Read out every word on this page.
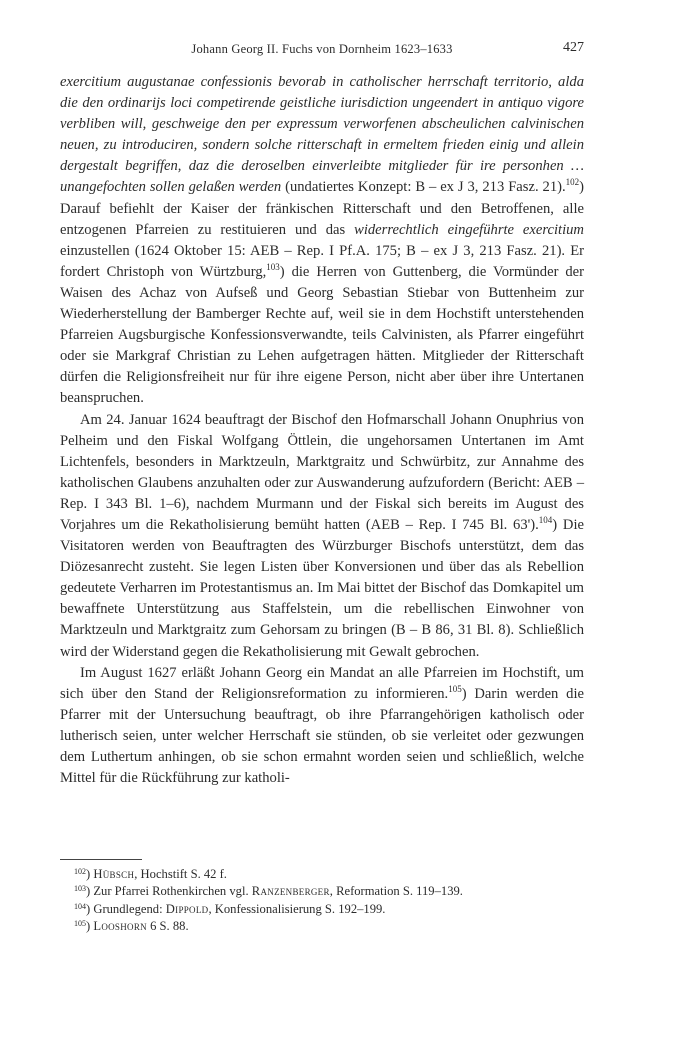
Johann Georg II. Fuchs von Dornheim 1623–1633	427

exercitium augustanae confessionis bevorab in catholischer herrschaft territorio, alda die den ordinarijs loci competirende geistliche iurisdiction ungeendert in antiquo vigore verbliben will, geschweige den per expressum verworfenen abscheulichen calvinischen neuen, zu introduciren, sondern solche ritterschaft in ermeltem frieden einig und allein dergestalt begriffen, daz die deroselben einverleibte mitglieder für ire personhen … unangefochten sollen gelaßen werden (undatiertes Konzept: B – ex J 3, 213 Fasz. 21).$^{102}$) Darauf befiehlt der Kaiser der fränkischen Ritterschaft und den Betroffenen, alle entzogenen Pfarreien zu restituieren und das widerrechtlich eingeführte exercitium einzustellen (1624 Oktober 15: AEB – Rep. I Pf.A. 175; B – ex J 3, 213 Fasz. 21). Er fordert Christoph von Würtzburg,$^{103}$) die Herren von Guttenberg, die Vormünder der Waisen des Achaz von Aufseß und Georg Sebastian Stiebar von Buttenheim zur Wiederherstellung der Bamberger Rechte auf, weil sie in dem Hochstift unterstehenden Pfarreien Augsburgische Konfessionsverwandte, teils Calvinisten, als Pfarrer eingeführt oder sie Markgraf Christian zu Lehen aufgetragen hätten. Mitglieder der Ritterschaft dürfen die Religionsfreiheit nur für ihre eigene Person, nicht aber über ihre Untertanen beanspruchen.

Am 24. Januar 1624 beauftragt der Bischof den Hofmarschall Johann Onuphrius von Pelheim und den Fiskal Wolfgang Öttlein, die ungehorsamen Untertanen im Amt Lichtenfels, besonders in Marktzeuln, Marktgraitz und Schwürbitz, zur Annahme des katholischen Glaubens anzuhalten oder zur Auswanderung aufzufordern (Bericht: AEB – Rep. I 343 Bl. 1–6), nachdem Murmann und der Fiskal sich bereits im August des Vorjahres um die Rekatholisierung bemüht hatten (AEB – Rep. I 745 Bl. 63').$^{104}$) Die Visitatoren werden von Beauftragten des Würzburger Bischofs unterstützt, dem das Diözesanrecht zusteht. Sie legen Listen über Konversionen und über das als Rebellion gedeutete Verharren im Protestantismus an. Im Mai bittet der Bischof das Domkapitel um bewaffnete Unterstützung aus Staffelstein, um die rebellischen Einwohner von Marktzeuln und Marktgraitz zum Gehorsam zu bringen (B – B 86, 31 Bl. 8). Schließlich wird der Widerstand gegen die Rekatholisierung mit Gewalt gebrochen.

Im August 1627 erläßt Johann Georg ein Mandat an alle Pfarreien im Hochstift, um sich über den Stand der Religionsreformation zu informieren.$^{105}$) Darin werden die Pfarrer mit der Untersuchung beauftragt, ob ihre Pfarrangehörigen katholisch oder lutherisch seien, unter welcher Herrschaft sie stünden, ob sie verleitet oder gezwungen dem Luthertum anhingen, ob sie schon ermahnt worden seien und schließlich, welche Mittel für die Rückführung zur katholi-

$^{102}$) Hübsch, Hochstift S. 42 f.
$^{103}$) Zur Pfarrei Rothenkirchen vgl. Ranzenberger, Reformation S. 119–139.
$^{104}$) Grundlegend: Dippold, Konfessionalisierung S. 192–199.
$^{105}$) Looshorn 6 S. 88.
